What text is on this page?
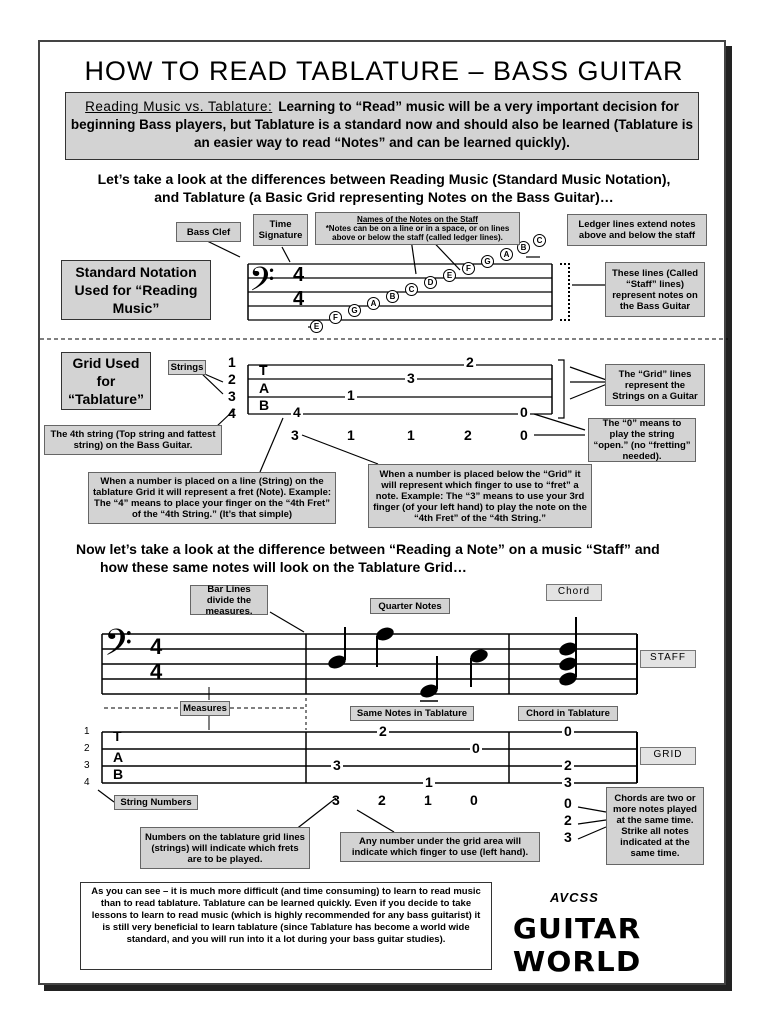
HOW TO READ TABLATURE – BASS GUITAR
Reading Music vs. Tablature: Learning to “Read” music will be a very important decision for beginning Bass players, but Tablature is a standard now and should also be learned (Tablature is an easier way to read “Notes” and can be learned quickly).
Let’s take a look at the differences between Reading Music (Standard Music Notation),
and Tablature (a Basic Grid representing Notes on the Bass Guitar)…
𝄢 4
4
E
F
G
A
B
C
D
E
F
G
A
B
C
Bass Clef
Time Signature
Names of the Notes on the Staff
*Notes can be on a line or in a space, or on lines above or below the staff (called ledger lines).
Ledger lines extend notes above and below the staff
Standard Notation Used for “Reading Music”
These lines (Called “Staff” lines) represent notes on the Bass Guitar
Grid Used for “Tablature”
Strings
The “Grid” lines represent the Strings on a Guitar
The 4th string (Top string and fattest string) on the Bass Guitar.
The “0” means to play the string “open.” (no “fretting” needed).
When a number is placed on a line (String) on the tablature Grid it will represent a fret (Note). Example: The “4” means to place your finger on the “4th Fret” of the “4th String.” (It’s that simple)
When a number is placed below the “Grid” it will represent which finger to use to “fret” a note. Example: The “3” means to use your 3rd finger (of your left hand) to play the note on the “4th Fret” of the “4th String.”
1
2
3
4
T
A
B 4
1
3
2
0
3	1	1	2	0
Now let’s take a look at the difference between “Reading a Note” on a music “Staff” and
how these same notes will look on the Tablature Grid…
𝄢 4
4
Bar Lines divide the measures.	Quarter Notes
Chord
STAFF
Measures	Same Notes in Tablature	Chord in Tablature
GRID
1
2
3
4
T
A
B
3
2
0
1
0
2
3
3	2	1	0	0
2
3
String Numbers
Numbers on the tablature grid lines (strings) will indicate which frets are to be played.
Any number under the grid area will indicate which finger to use (left hand).
Chords are two or more notes played at the same time. Strike all notes indicated at the same time.
As you can see – it is much more difficult (and time consuming) to learn to read music than to read tablature. Tablature can be learned quickly. Even if you decide to take lessons to learn to read music (which is highly recommended for any bass guitarist) it is still very beneficial to learn tablature (since Tablature has become a world wide standard, and you will run into it a lot during your bass guitar studies).
AVCSS
GUITAR WORLD
